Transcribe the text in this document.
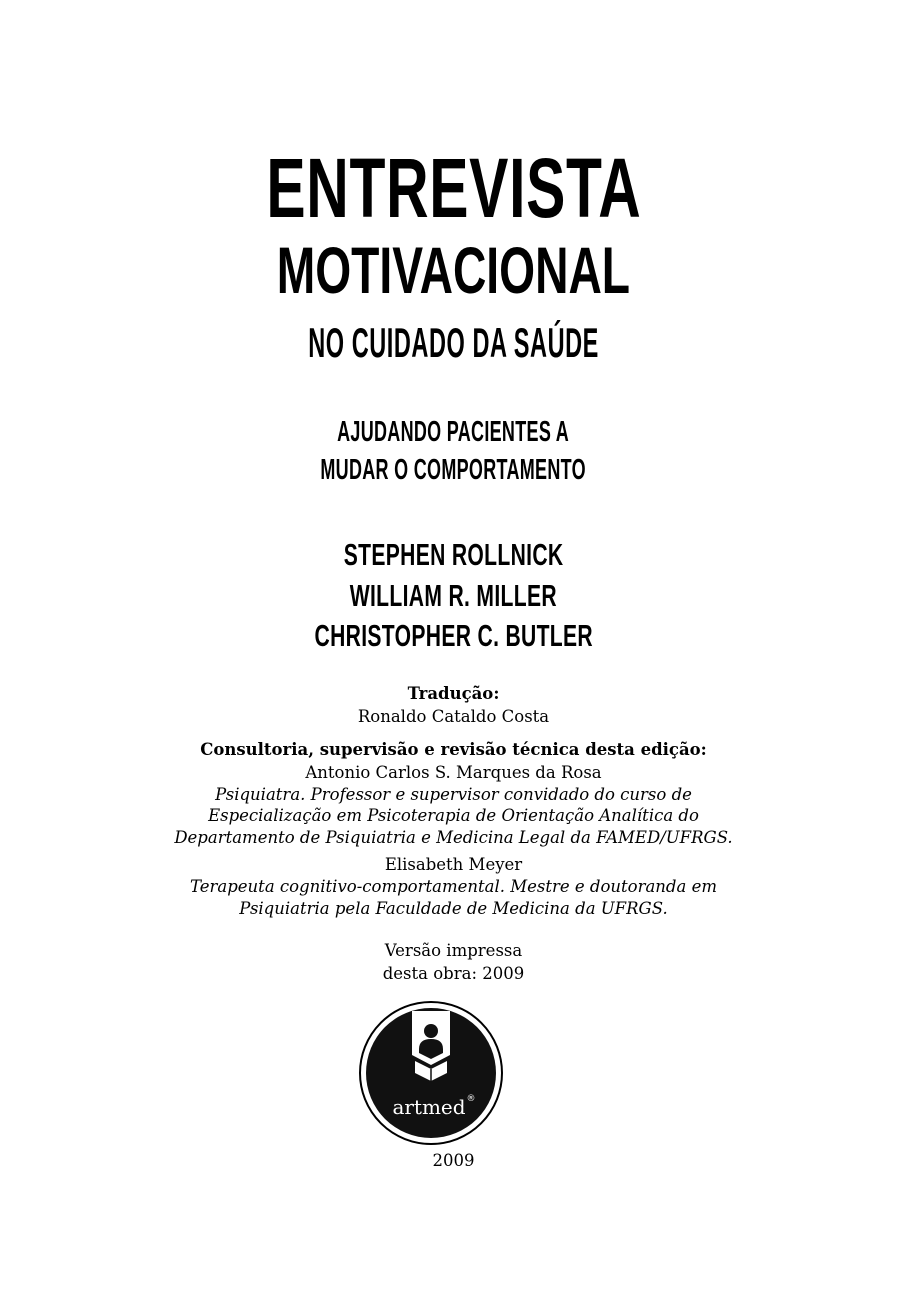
ENTREVISTA
MOTIVACIONAL
NO CUIDADO DA SAÚDE
AJUDANDO PACIENTES A
MUDAR O COMPORTAMENTO
STEPHEN ROLLNICK
WILLIAM R. MILLER
CHRISTOPHER C. BUTLER
Tradução:
Ronaldo Cataldo Costa
Consultoria, supervisão e revisão técnica desta edição:
Antonio Carlos S. Marques da Rosa
Psiquiatra. Professor e supervisor convidado do curso de
Especialização em Psicoterapia de Orientação Analítica do
Departamento de Psiquiatria e Medicina Legal da FAMED/UFRGS.
Elisabeth Meyer
Terapeuta cognitivo-comportamental. Mestre e doutoranda em
Psiquiatria pela Faculdade de Medicina da UFRGS.
Versão impressa
desta obra: 2009
artmed ®
2009
